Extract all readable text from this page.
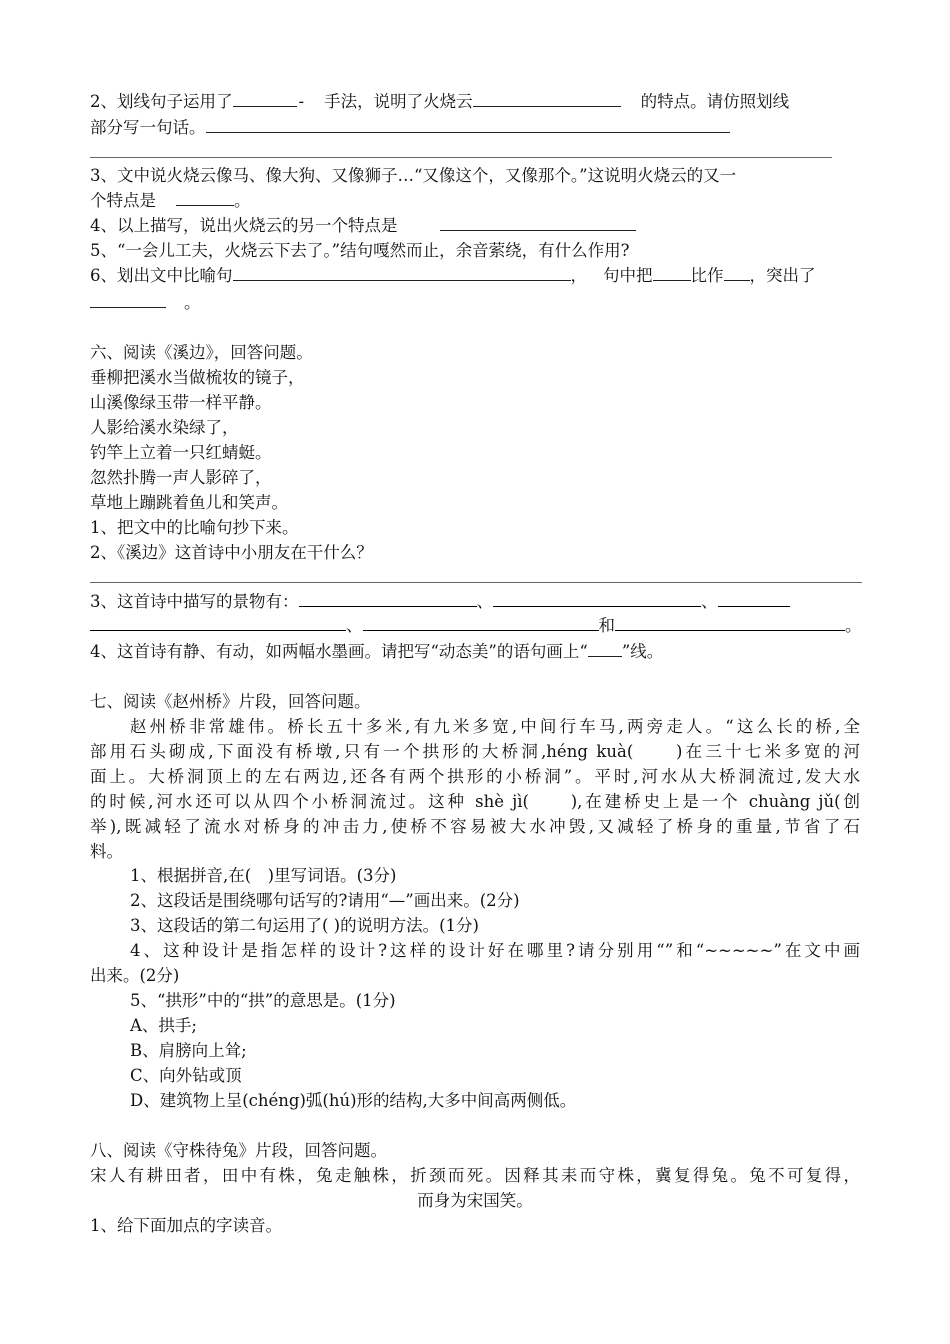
2、划线句子运用了	- 手法，说明了火烧云	的特点。请仿照划线
部分写一句话。
3、文中说火烧云像马、像大狗、又像狮子…“又像这个，又像那个。”这说明火烧云的又一
个特点是	。
4、以上描写，说出火烧云的另一个特点是
5、“一会儿工夫，火烧云下去了。”结句嘎然而止，余音萦绕，有什么作用?
6、划出文中比喻句	， 句中把 比作 ，突出了
。
六、阅读《溪边》，回答问题。
垂柳把溪水当做梳妆的镜子，
山溪像绿玉带一样平静。
人影给溪水染绿了，
钓竿上立着一只红蜻蜓。
忽然扑腾一声人影碎了，
草地上蹦跳着鱼儿和笑声。
1、把文中的比喻句抄下来。
2、《溪边》这首诗中小朋友在干什么？
3、这首诗中描写的景物有：	、	、
、	和	。
4、这首诗有静、有动，如两幅水墨画。请把写“动态美”的语句画上“ ”线。
七、阅读《赵州桥》片段，回答问题。
赵州桥非常雄伟。桥长五十多米,有九米多宽,中间行车马,两旁走人。“这么长的桥,全
部用石头砌成,下面没有桥墩,只有一个拱形的大桥洞,héng kuà(　　)在三十七米多宽的河
面上。大桥洞顶上的左右两边,还各有两个拱形的小桥洞”。平时,河水从大桥洞流过,发大水
的时候,河水还可以从四个小桥洞流过。这种 shè jì(　　),在建桥史上是一个 chuàng jǔ(创
举),既减轻了流水对桥身的冲击力,使桥不容易被大水冲毁,又减轻了桥身的重量,节省了石
料。
1、根据拼音,在(　)里写词语。(3分)
2、这段话是围绕哪句话写的?请用“—”画出来。(2分)
3、这段话的第二句运用了( )的说明方法。(1分)
4、这种设计是指怎样的设计?这样的设计好在哪里?请分别用“”和“~~~~~”在文中画
出来。(2分)
5、“拱形”中的“拱”的意思是。(1分)
A、拱手;
B、肩膀向上耸;
C、向外钻或顶
D、建筑物上呈(chéng)弧(hú)形的结构,大多中间高两侧低。
八、阅读《守株待兔》片段，回答问题。
宋人有耕田者，田中有株，兔走触株，折颈而死。因释其耒而守株，冀复得兔。兔不可复得，
而身为宋国笑。
1、给下面加点的字读音。
